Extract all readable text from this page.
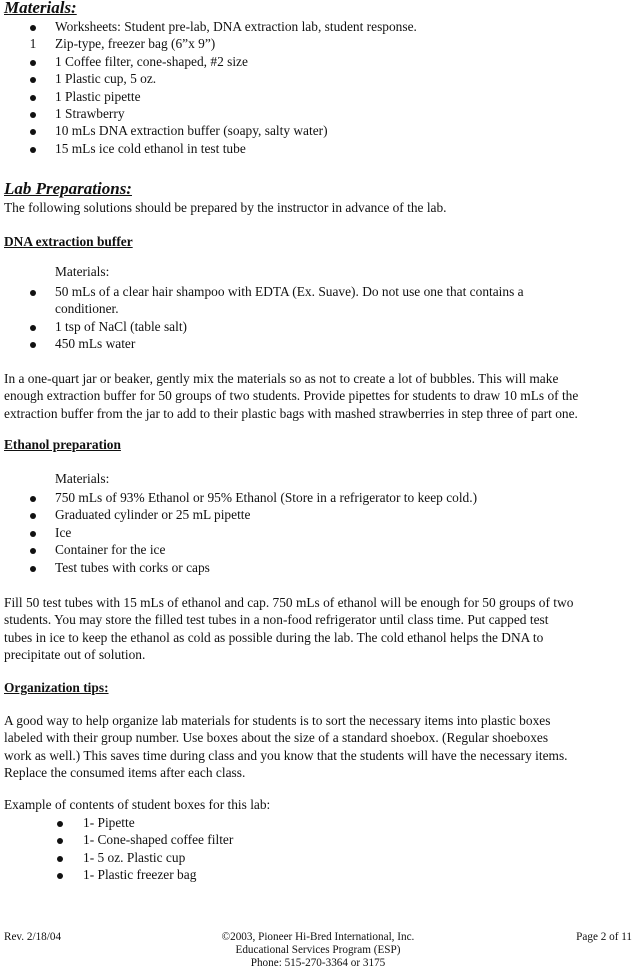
Materials:
Worksheets: Student pre-lab, DNA extraction lab, student response.
1 Zip-type, freezer bag (6”x 9”)
1 Coffee filter, cone-shaped, #2 size
1 Plastic cup, 5 oz.
1 Plastic pipette
1 Strawberry
10 mLs DNA extraction buffer (soapy, salty water)
15 mLs ice cold ethanol in test tube
Lab Preparations:
The following solutions should be prepared by the instructor in advance of the lab.
DNA extraction buffer
Materials:
50 mLs of a clear hair shampoo with EDTA (Ex. Suave). Do not use one that contains a
conditioner.
1 tsp of NaCl (table salt)
450 mLs water
In a one-quart jar or beaker, gently mix the materials so as not to create a lot of bubbles. This will make
enough extraction buffer for 50 groups of two students. Provide pipettes for students to draw 10 mLs of the
extraction buffer from the jar to add to their plastic bags with mashed strawberries in step three of part one.
Ethanol preparation
Materials:
750 mLs of 93% Ethanol or 95% Ethanol (Store in a refrigerator to keep cold.)
Graduated cylinder or 25 mL pipette
Ice
Container for the ice
Test tubes with corks or caps
Fill 50 test tubes with 15 mLs of ethanol and cap. 750 mLs of ethanol will be enough for 50 groups of two
students. You may store the filled test tubes in a non-food refrigerator until class time. Put capped test
tubes in ice to keep the ethanol as cold as possible during the lab. The cold ethanol helps the DNA to
precipitate out of solution.
Organization tips:
A good way to help organize lab materials for students is to sort the necessary items into plastic boxes
labeled with their group number. Use boxes about the size of a standard shoebox. (Regular shoeboxes
work as well.) This saves time during class and you know that the students will have the necessary items.
Replace the consumed items after each class.
Example of contents of student boxes for this lab:
1- Pipette
1- Cone-shaped coffee filter
1- 5 oz. Plastic cup
1- Plastic freezer bag
Rev. 2/18/04	©2003, Pioneer Hi-Bred International, Inc.
Educational Services Program (ESP)
Phone: 515-270-3364 or 3175
Page 2 of 11
